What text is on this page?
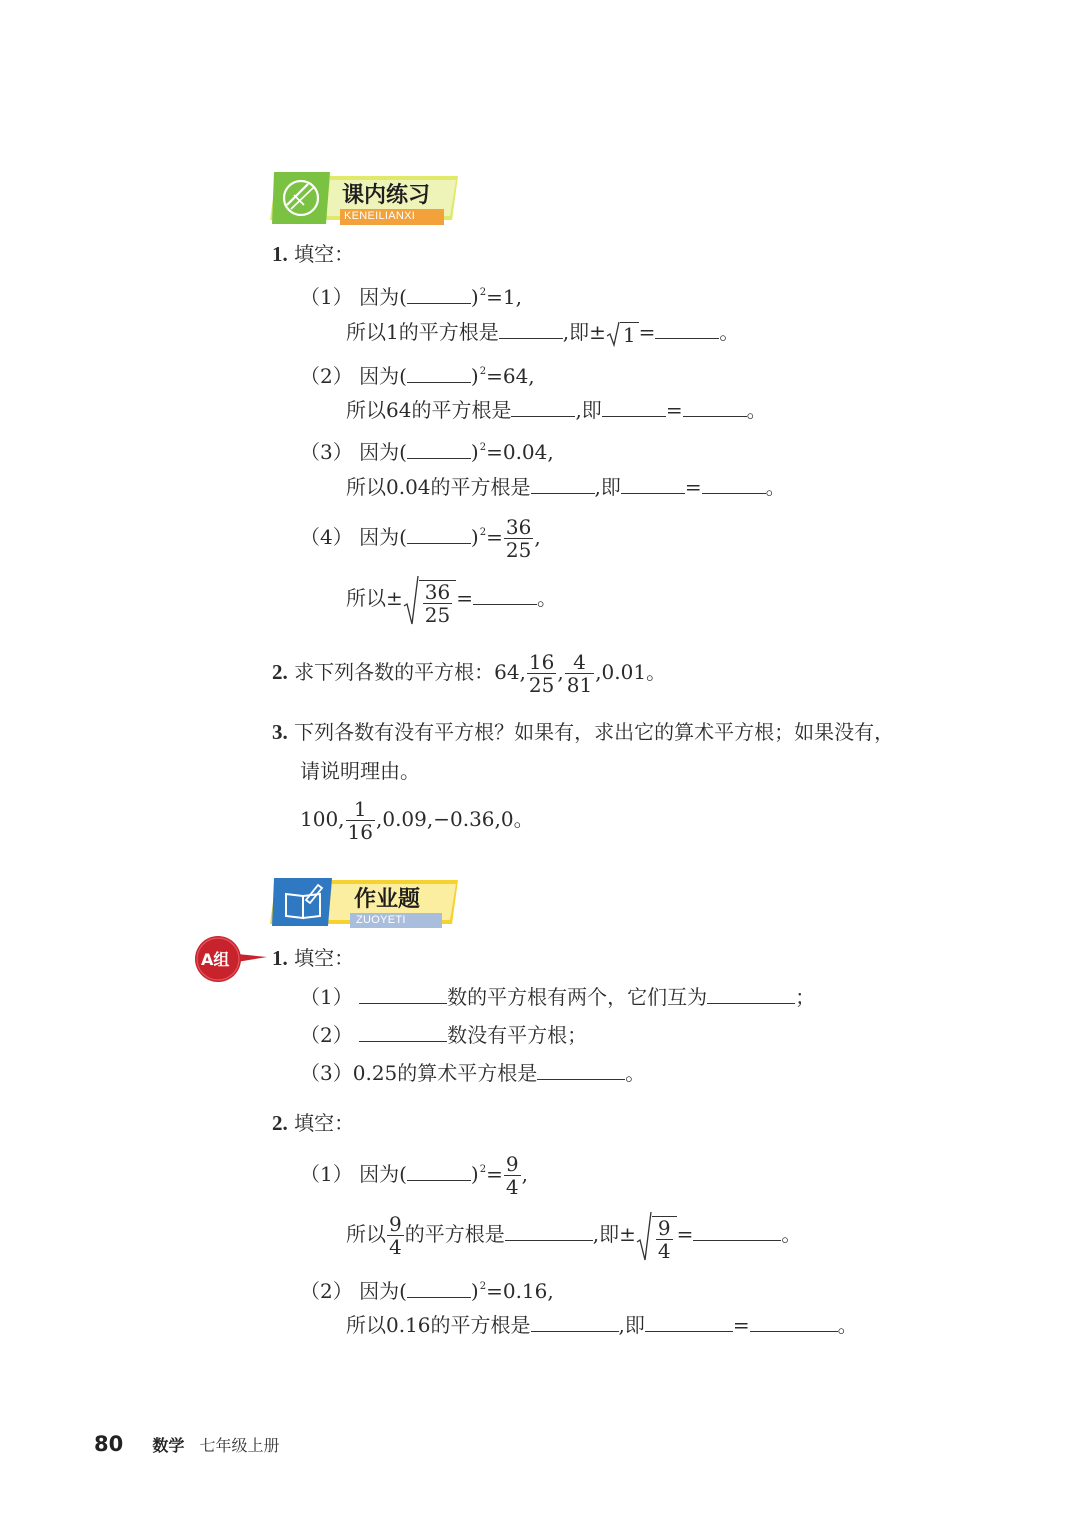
课内练习
KENEILIANXI
1. 填空：
（1） 因为(	)$^2$=1,
所以1的平方根是	,即± 1 =	。
（2） 因为(	)$^2$=64,
所以64的平方根是	,即	=	。
（3） 因为(	)$^2$=0.04,
所以0.04的平方根是	,即	=	。
（4） 因为(	)$^2= \frac{36}{25}$ ,
所以± $\frac{36}{25}$ =	。
2. 求下列各数的平方根：64, $\frac{16}{25}$ , $\frac{4}{81} ,0.01$。
3. 下列各数有没有平方根？如果有，求出它的算术平方根；如果没有，
请说明理由。
100, $\frac{1}{16} ,0.09,-0.36,0$。
作业题
ZUOYETI
A组 1. 填空：
（1）	数的平方根有两个，它们互为	；
（2）	数没有平方根；
（3）0.25的算术平方根是	。
2. 填空：
（1） 因为(	)$^2= \frac{9}{4}$ ,
所以 $\frac{9}{4}$ 的平方根是	,即± $\frac{9}{4}$ =	。
（2） 因为(	)$^2$=0.16,
所以0.16的平方根是	,即	=	。
80 数学 七年级上册
